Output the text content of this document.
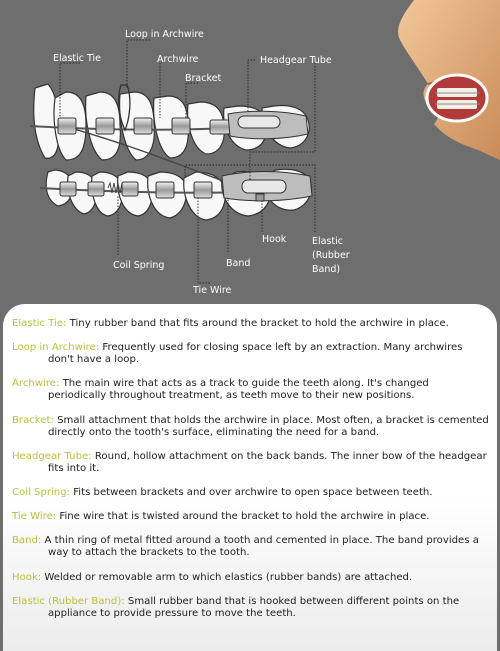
Loop in Archwire
Elastic Tie	Archwire
Bracket
Headgear Tube
Hook	Elastic
(Rubber
Band)
Band
Coil Spring
Tie Wire

Elastic Tie: Tiny rubber band that fits around the bracket to hold the archwire in place.

Loop in Archwire: Frequently used for closing space left by an extraction. Many archwires don't have a loop.

Archwire: The main wire that acts as a track to guide the teeth along. It's changed periodically throughout treatment, as teeth move to their new positions.

Bracket: Small attachment that holds the archwire in place. Most often, a bracket is cemented directly onto the tooth's surface, eliminating the need for a band.

Headgear Tube: Round, hollow attachment on the back bands. The inner bow of the headgear fits into it.

Coil Spring: Fits between brackets and over archwire to open space between teeth.

Tie Wire: Fine wire that is twisted around the bracket to hold the archwire in place.

Band: A thin ring of metal fitted around a tooth and cemented in place. The band provides a way to attach the brackets to the tooth.

Hook: Welded or removable arm to which elastics (rubber bands) are attached.

Elastic (Rubber Band): Small rubber band that is hooked between different points on the appliance to provide pressure to move the teeth.
